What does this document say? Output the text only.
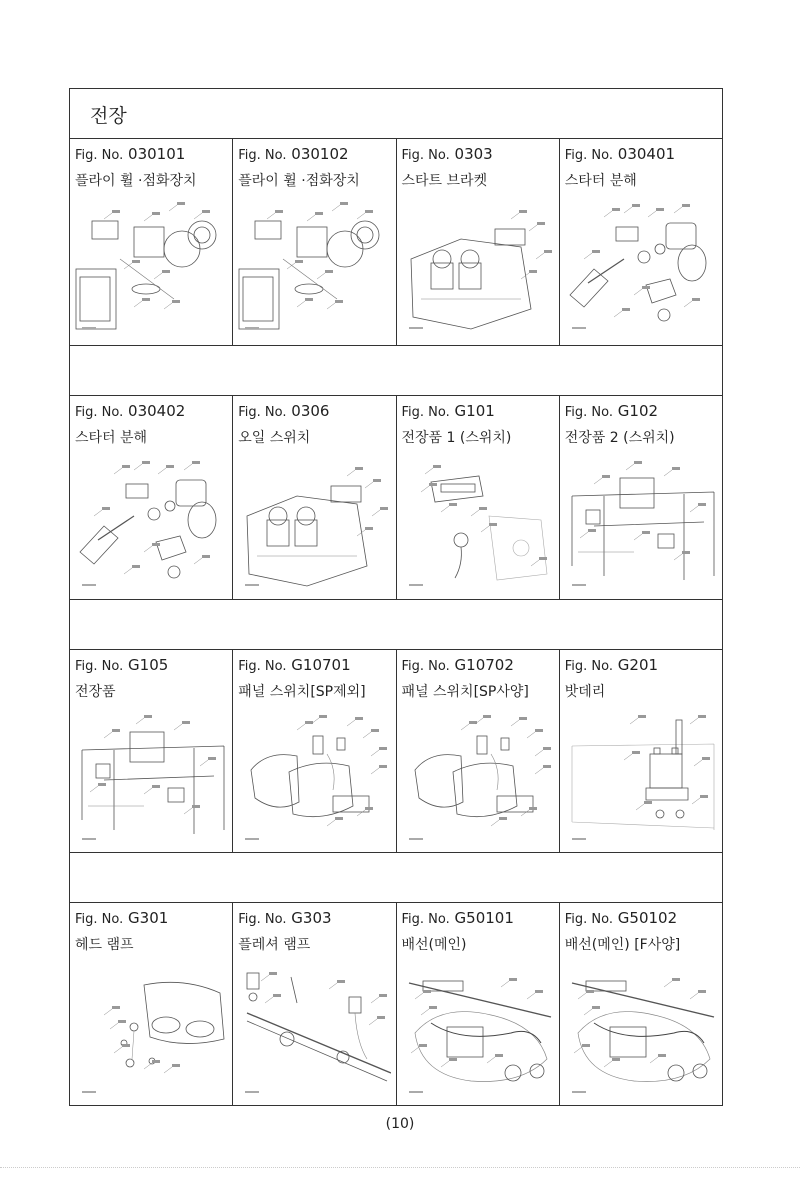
전장
Fig. No. 030101
플라이 휠 ·점화장치
Fig. No. 030102
플라이 휠 ·점화장치
Fig. No. 0303
스타트 브라켓
Fig. No. 030401
스타터 분해
Fig. No. 030402
스타터 분해
Fig. No. 0306
오일 스위치
Fig. No. G101
전장품 1 (스위치)
Fig. No. G102
전장품 2 (스위치)
Fig. No. G105
전장품
Fig. No. G10701
패널 스위치[SP제외]
Fig. No. G10702
패널 스위치[SP사양]
Fig. No. G201
밧데리
Fig. No. G301
헤드 램프
Fig. No. G303
플레셔 램프
Fig. No. G50101
배선(메인)
Fig. No. G50102
배선(메인) [F사양]
(10)
